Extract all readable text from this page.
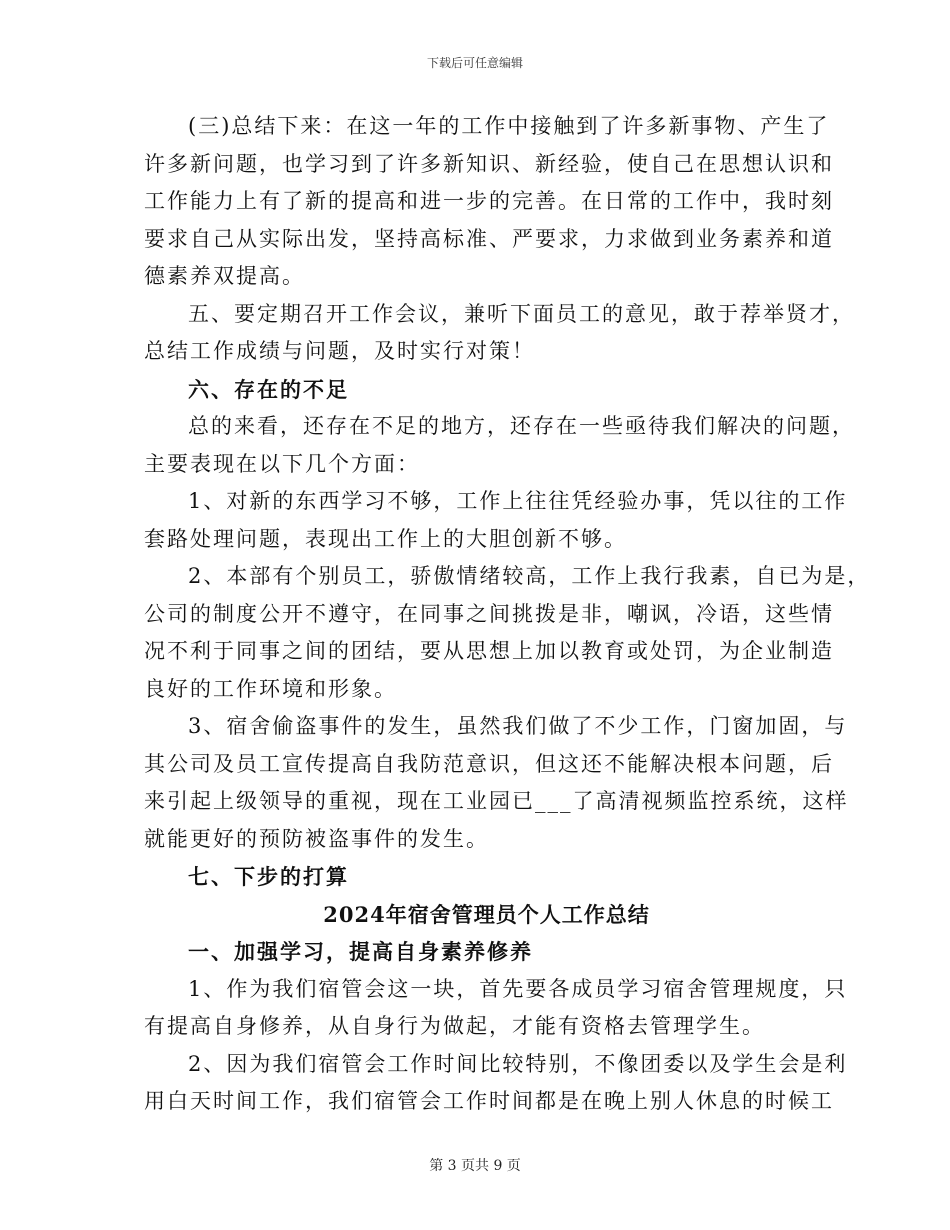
下载后可任意编辑

(三)总结下来：在这一年的工作中接触到了许多新事物、产生了
许多新问题，也学习到了许多新知识、新经验，使自己在思想认识和
工作能力上有了新的提高和进一步的完善。在日常的工作中，我时刻
要求自己从实际出发，坚持高标准、严要求，力求做到业务素养和道
德素养双提高。

五、要定期召开工作会议，兼听下面员工的意见，敢于荐举贤才，
总结工作成绩与问题，及时实行对策！

六、存在的不足

总的来看，还存在不足的地方，还存在一些亟待我们解决的问题，
主要表现在以下几个方面：

1、对新的东西学习不够，工作上往往凭经验办事，凭以往的工作
套路处理问题，表现出工作上的大胆创新不够。

2、本部有个别员工，骄傲情绪较高，工作上我行我素，自已为是，
公司的制度公开不遵守，在同事之间挑拨是非，嘲讽，冷语，这些情
况不利于同事之间的团结，要从思想上加以教育或处罚，为企业制造
良好的工作环境和形象。

3、宿舍偷盗事件的发生，虽然我们做了不少工作，门窗加固，与
其公司及员工宣传提高自我防范意识，但这还不能解决根本问题，后
来引起上级领导的重视，现在工业园已___了高清视频监控系统，这样
就能更好的预防被盗事件的发生。

七、下步的打算

2024年宿舍管理员个人工作总结

一、加强学习，提高自身素养修养

1、作为我们宿管会这一块，首先要各成员学习宿舍管理规度，只
有提高自身修养，从自身行为做起，才能有资格去管理学生。

2、因为我们宿管会工作时间比较特别，不像团委以及学生会是利
用白天时间工作，我们宿管会工作时间都是在晚上别人休息的时候工

第 3 页共 9 页
